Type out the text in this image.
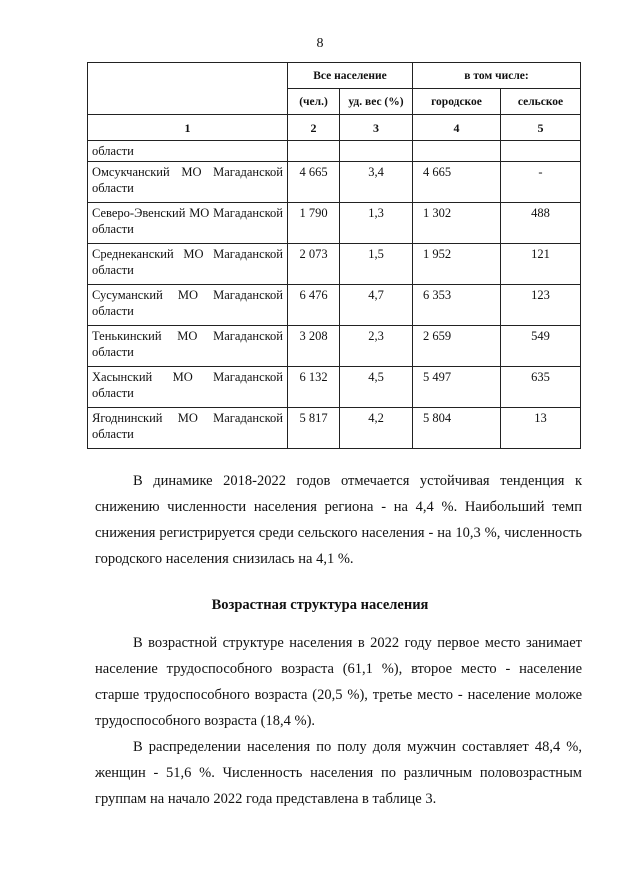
8
	Все население		в том числе:	
	(чел.)	уд. вес (%)	городское	сельское
1	2	3	4	5
области				
Омсукчанский МО Магаданской области	4 665	3,4	4 665	-
Северо-Эвенский МО Магаданской области	1 790	1,3	1 302	488
Среднеканский МО Магаданской области	2 073	1,5	1 952	121
Сусуманский МО Магаданской области	6 476	4,7	6 353	123
Тенькинский МО Магаданской области	3 208	2,3	2 659	549
Хасынский МО Магаданской области	6 132	4,5	5 497	635
Ягоднинский МО Магаданской области	5 817	4,2	5 804	13

В динамике 2018-2022 годов отмечается устойчивая тенденция к снижению численности населения региона - на 4,4 %. Наибольший темп снижения регистрируется среди сельского населения - на 10,3 %, численность городского населения снизилась на 4,1 %.

Возрастная структура населения

В возрастной структуре населения в 2022 году первое место занимает население трудоспособного возраста (61,1 %), второе место - население старше трудоспособного возраста (20,5 %), третье место - население моложе трудоспособного возраста (18,4 %).

В распределении населения по полу доля мужчин составляет 48,4 %, женщин - 51,6 %. Численность населения по различным половозрастным группам на начало 2022 года представлена в таблице 3.
